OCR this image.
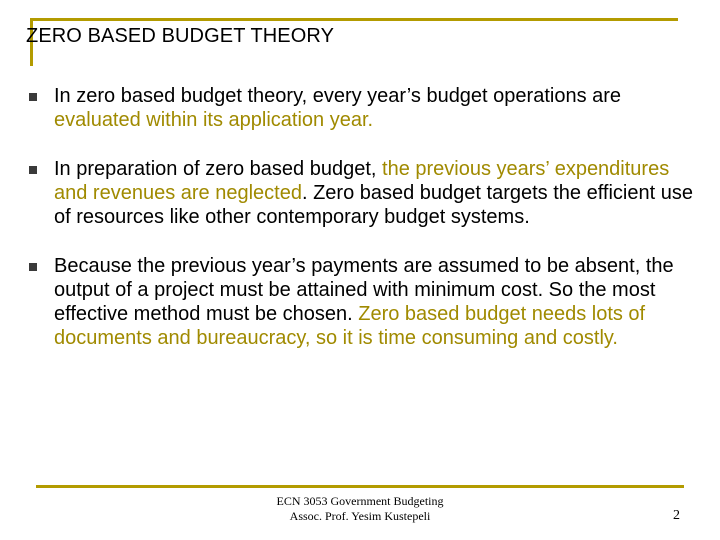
ZERO BASED BUDGET THEORY
In zero based budget theory, every year’s budget operations are evaluated within its application year.
In preparation of zero based budget, the previous years’ expenditures and revenues are neglected. Zero based budget targets the efficient use of resources like other contemporary budget systems.
Because the previous year’s payments are assumed to be absent, the output of a project must be attained with minimum cost. So the most effective method must be chosen. Zero based budget needs lots of documents and bureaucracy, so it is time consuming and costly.
ECN 3053 Government Budgeting
Assoc. Prof. Yesim Kustepeli	2
